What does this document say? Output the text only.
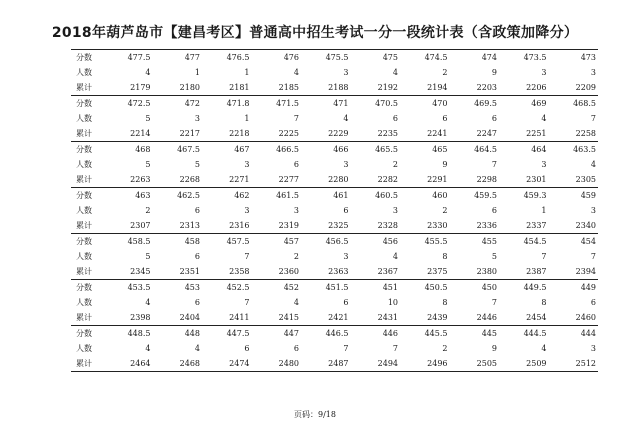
2018年葫芦岛市【建昌考区】普通高中招生考试一分一段统计表（含政策加降分）
分数	477.5	477	476.5	476	475.5	475	474.5	474	473.5	473
人数	4	1	1	4	3	4	2	9	3	3
累计	2179	2180	2181	2185	2188	2192	2194	2203	2206	2209
分数	472.5	472	471.8	471.5	471	470.5	470	469.5	469	468.5
人数	5	3	1	7	4	6	6	6	4	7
累计	2214	2217	2218	2225	2229	2235	2241	2247	2251	2258
分数	468	467.5	467	466.5	466	465.5	465	464.5	464	463.5
人数	5	5	3	6	3	2	9	7	3	4
累计	2263	2268	2271	2277	2280	2282	2291	2298	2301	2305
分数	463	462.5	462	461.5	461	460.5	460	459.5	459.3	459
人数	2	6	3	3	6	3	2	6	1	3
累计	2307	2313	2316	2319	2325	2328	2330	2336	2337	2340
分数	458.5	458	457.5	457	456.5	456	455.5	455	454.5	454
人数	5	6	7	2	3	4	8	5	7	7
累计	2345	2351	2358	2360	2363	2367	2375	2380	2387	2394
分数	453.5	453	452.5	452	451.5	451	450.5	450	449.5	449
人数	4	6	7	4	6	10	8	7	8	6
累计	2398	2404	2411	2415	2421	2431	2439	2446	2454	2460
分数	448.5	448	447.5	447	446.5	446	445.5	445	444.5	444
人数	4	4	6	6	7	7	2	9	4	3
累计	2464	2468	2474	2480	2487	2494	2496	2505	2509	2512
页码：9/18
